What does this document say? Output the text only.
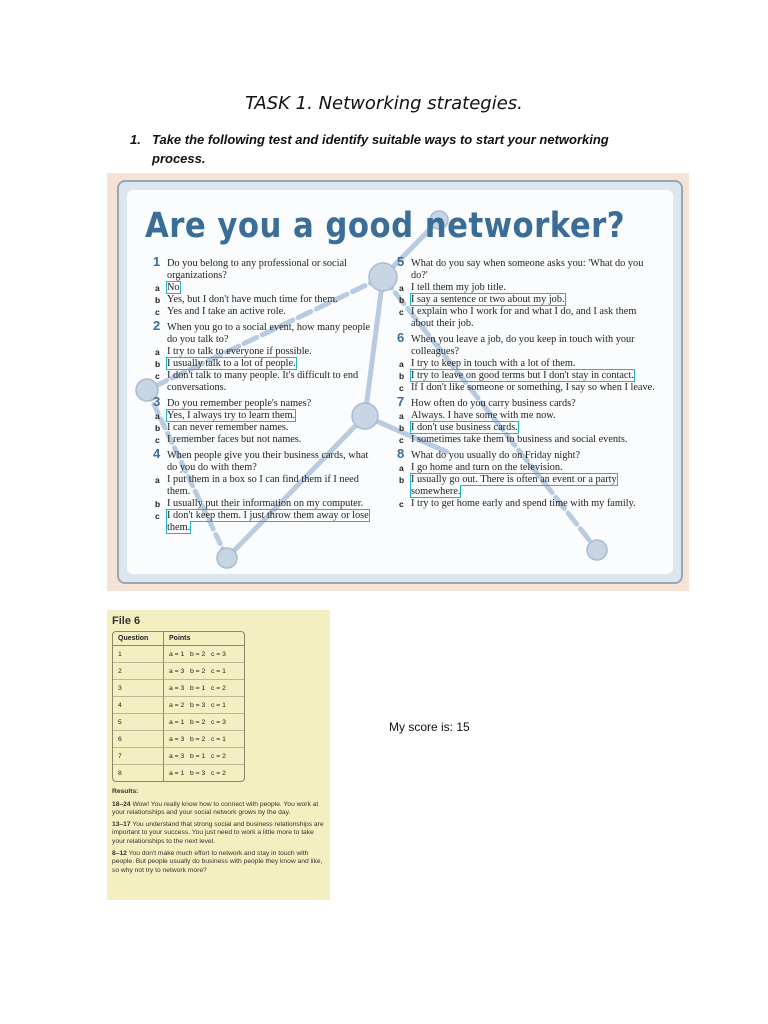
TASK 1. Networking strategies.
1. Take the following test and identify suitable ways to start your networking
process.
Are you a good networker?
1 Do you belong to any professional or social organizations?
a No
b Yes, but I don't have much time for them.
c Yes and I take an active role.
2 When you go to a social event, how many people do you talk to?
a I try to talk to everyone if possible.
b I usually talk to a lot of people.
c I don't talk to many people. It's difficult to end conversations.
3 Do you remember people's names?
a Yes, I always try to learn them.
b I can never remember names.
c I remember faces but not names.
4 When people give you their business cards, what do you do with them?
a I put them in a box so I can find them if I need them.
b I usually put their information on my computer.
c I don't keep them. I just throw them away or lose them.
5 What do you say when someone asks you: 'What do you do?'
a I tell them my job title.
b I say a sentence or two about my job.
c I explain who I work for and what I do, and I ask them about their job.
6 When you leave a job, do you keep in touch with your colleagues?
a I try to keep in touch with a lot of them.
b I try to leave on good terms but I don't stay in contact.
c If I don't like someone or something, I say so when I leave.
7 How often do you carry business cards?
a Always. I have some with me now.
b I don't use business cards.
c I sometimes take them to business and social events.
8 What do you usually do on Friday night?
a I go home and turn on the television.
b I usually go out. There is often an event or a party somewhere.
c I try to get home early and spend time with my family.
File 6
Question	Points
1	a = 1   b = 2   c = 3
2	a = 3   b = 2   c = 1
3	a = 3   b = 1   c = 2
4	a = 2   b = 3   c = 1
5	a = 1   b = 2   c = 3
6	a = 3   b = 2   c = 1
7	a = 3   b = 1   c = 2
8	a = 1   b = 3   c = 2
Results:

18–24 Wow! You really know how to connect with people. You work at your relationships and your social network grows by the day.

13–17 You understand that strong social and business relationships are important to your success. You just need to work a little more to take your relationships to the next level.

8–12 You don't make much effort to network and stay in touch with people. But people usually do business with people they know and like, so why not try to network more?

My score is: 15
